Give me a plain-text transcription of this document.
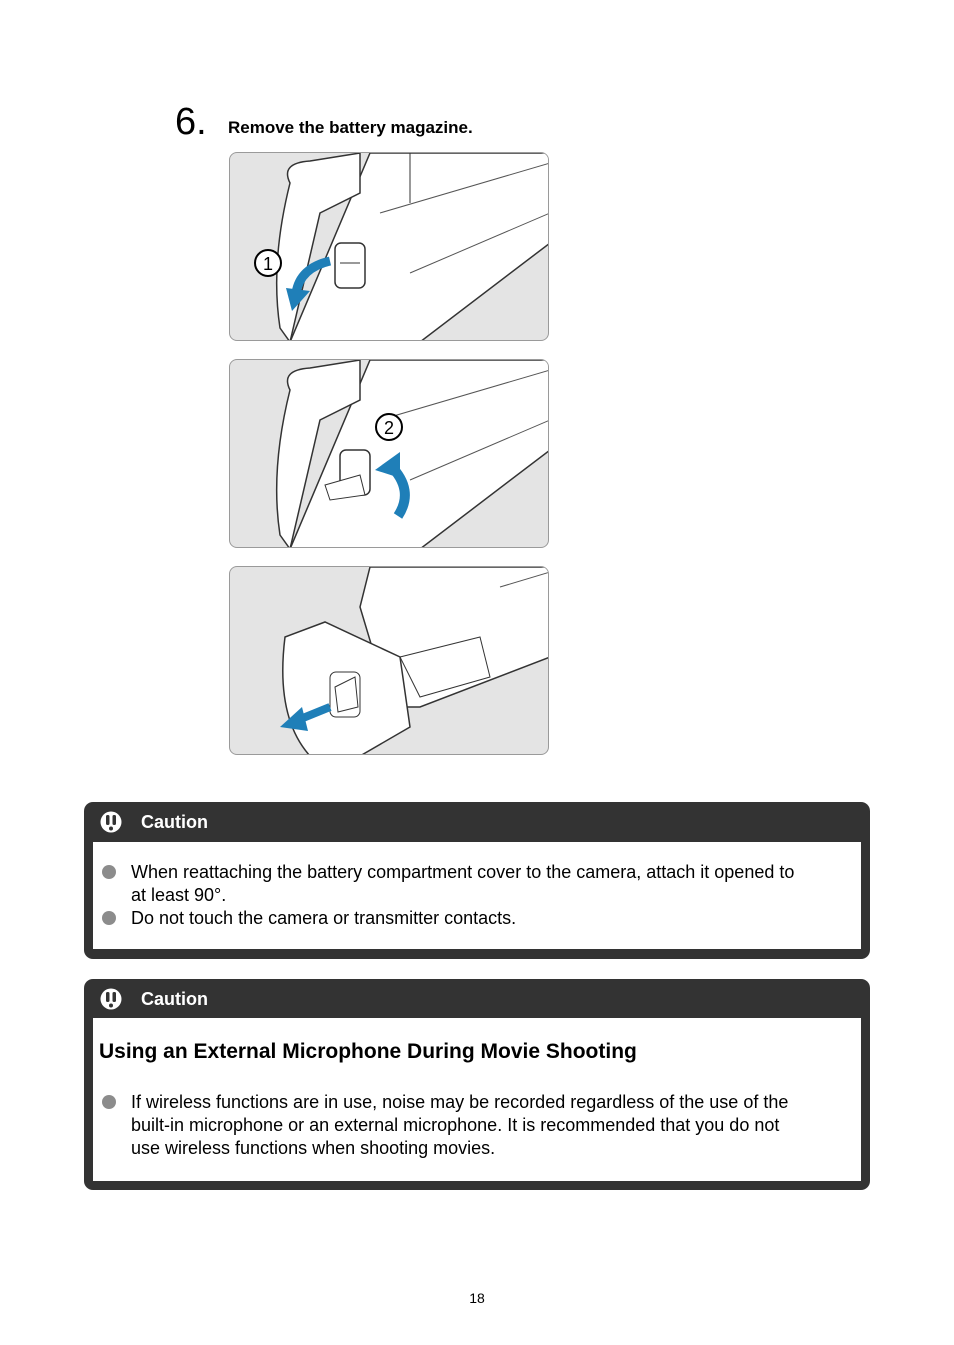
6. Remove the battery magazine.
1
2
Caution
When reattaching the battery compartment cover to the camera, attach it opened to
at least 90°.
Do not touch the camera or transmitter contacts.
Caution
Using an External Microphone During Movie Shooting
If wireless functions are in use, noise may be recorded regardless of the use of the
built-in microphone or an external microphone. It is recommended that you do not
use wireless functions when shooting movies.
18
